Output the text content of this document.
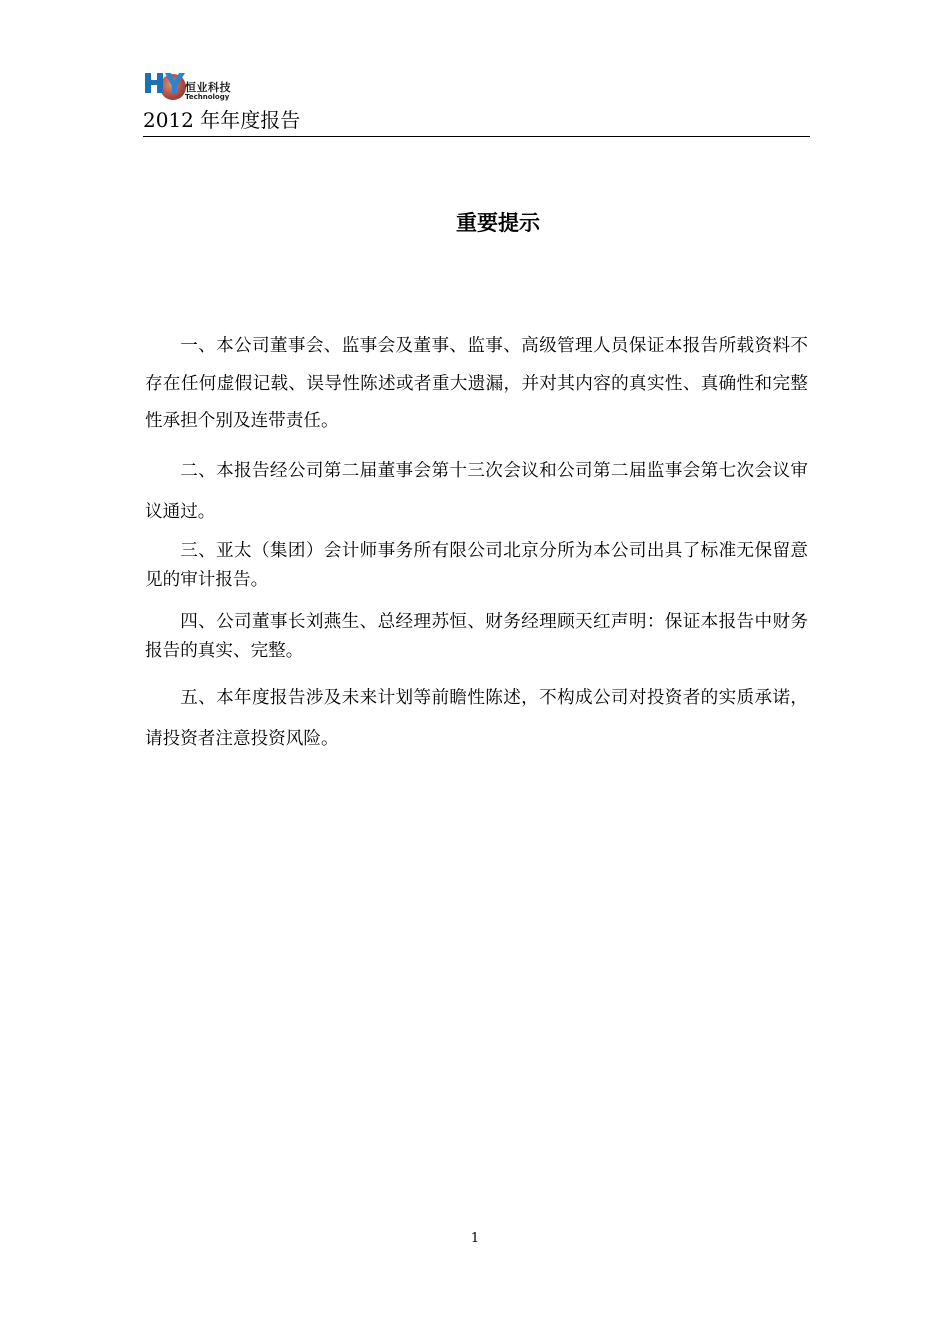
恒业科技
Technology
2012 年年度报告
重要提示

一、本公司董事会、监事会及董事、监事、高级管理人员保证本报告所载资料不存在任何虚假记载、误导性陈述或者重大遗漏，并对其内容的真实性、真确性和完整性承担个别及连带责任。

二、本报告经公司第二届董事会第十三次会议和公司第二届监事会第七次会议审议通过。

三、亚太（集团）会计师事务所有限公司北京分所为本公司出具了标准无保留意见的审计报告。

四、公司董事长刘燕生、总经理苏恒、财务经理顾天红声明：保证本报告中财务报告的真实、完整。

五、本年度报告涉及未来计划等前瞻性陈述，不构成公司对投资者的实质承诺，请投资者注意投资风险。

1
